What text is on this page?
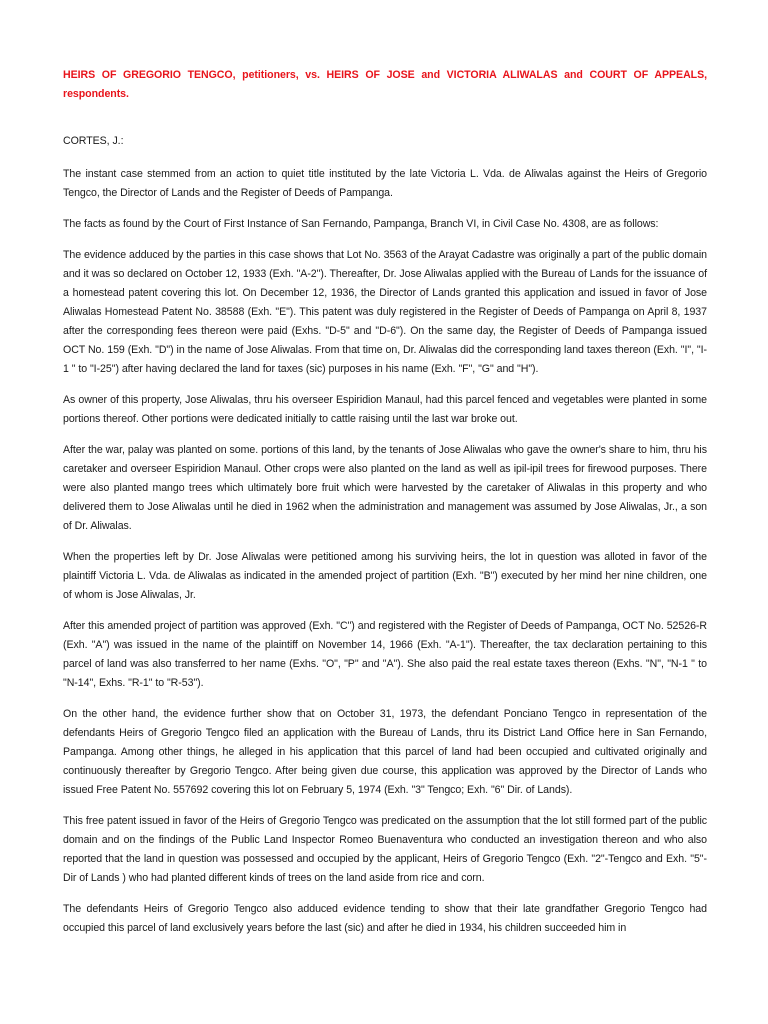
HEIRS OF GREGORIO TENGCO, petitioners, vs. HEIRS OF JOSE and VICTORIA ALIWALAS and COURT OF APPEALS, respondents.

CORTES, J.:

The instant case stemmed from an action to quiet title instituted by the late Victoria L. Vda. de Aliwalas against the Heirs of Gregorio Tengco, the Director of Lands and the Register of Deeds of Pampanga.

The facts as found by the Court of First Instance of San Fernando, Pampanga, Branch VI, in Civil Case No. 4308, are as follows:

The evidence adduced by the parties in this case shows that Lot No. 3563 of the Arayat Cadastre was originally a part of the public domain and it was so declared on October 12, 1933 (Exh. "A-2"). Thereafter, Dr. Jose Aliwalas applied with the Bureau of Lands for the issuance of a homestead patent covering this lot. On December 12, 1936, the Director of Lands granted this application and issued in favor of Jose Aliwalas Homestead Patent No. 38588 (Exh. "E"). This patent was duly registered in the Register of Deeds of Pampanga on April 8, 1937 after the corresponding fees thereon were paid (Exhs. "D-5" and "D-6"). On the same day, the Register of Deeds of Pampanga issued OCT No. 159 (Exh. "D") in the name of Jose Aliwalas. From that time on, Dr. Aliwalas did the corresponding land taxes thereon (Exh. "I", "I-1 " to "I-25") after having declared the land for taxes (sic) purposes in his name (Exh. "F", "G" and "H").

As owner of this property, Jose Aliwalas, thru his overseer Espiridion Manaul, had this parcel fenced and vegetables were planted in some portions thereof. Other portions were dedicated initially to cattle raising until the last war broke out.

After the war, palay was planted on some. portions of this land, by the tenants of Jose Aliwalas who gave the owner's share to him, thru his caretaker and overseer Espiridion Manaul. Other crops were also planted on the land as well as ipil-ipil trees for firewood purposes. There were also planted mango trees which ultimately bore fruit which were harvested by the caretaker of Aliwalas in this property and who delivered them to Jose Aliwalas until he died in 1962 when the administration and management was assumed by Jose Aliwalas, Jr., a son of Dr. Aliwalas.

When the properties left by Dr. Jose Aliwalas were petitioned among his surviving heirs, the lot in question was alloted in favor of the plaintiff Victoria L. Vda. de Aliwalas as indicated in the amended project of partition (Exh. "B") executed by her mind her nine children, one of whom is Jose Aliwalas, Jr.

After this amended project of partition was approved (Exh. "C") and registered with the Register of Deeds of Pampanga, OCT No. 52526-R (Exh. "A") was issued in the name of the plaintiff on November 14, 1966 (Exh. "A-1"). Thereafter, the tax declaration pertaining to this parcel of land was also transferred to her name (Exhs. "O", "P" and "A"). She also paid the real estate taxes thereon (Exhs. "N", "N-1 " to "N-14", Exhs. "R-1" to "R-53").

On the other hand, the evidence further show that on October 31, 1973, the defendant Ponciano Tengco in representation of the defendants Heirs of Gregorio Tengco filed an application with the Bureau of Lands, thru its District Land Office here in San Fernando, Pampanga. Among other things, he alleged in his application that this parcel of land had been occupied and cultivated originally and continuously thereafter by Gregorio Tengco. After being given due course, this application was approved by the Director of Lands who issued Free Patent No. 557692 covering this lot on February 5, 1974 (Exh. "3" Tengco; Exh. "6" Dir. of Lands).

This free patent issued in favor of the Heirs of Gregorio Tengco was predicated on the assumption that the lot still formed part of the public domain and on the findings of the Public Land Inspector Romeo Buenaventura who conducted an investigation thereon and who also reported that the land in question was possessed and occupied by the applicant, Heirs of Gregorio Tengco (Exh. "2"-Tengco and Exh. "5"-Dir of Lands ) who had planted different kinds of trees on the land aside from rice and corn.

The defendants Heirs of Gregorio Tengco also adduced evidence tending to show that their late grandfather Gregorio Tengco had occupied this parcel of land exclusively years before the last (sic) and after he died in 1934, his children succeeded him in
